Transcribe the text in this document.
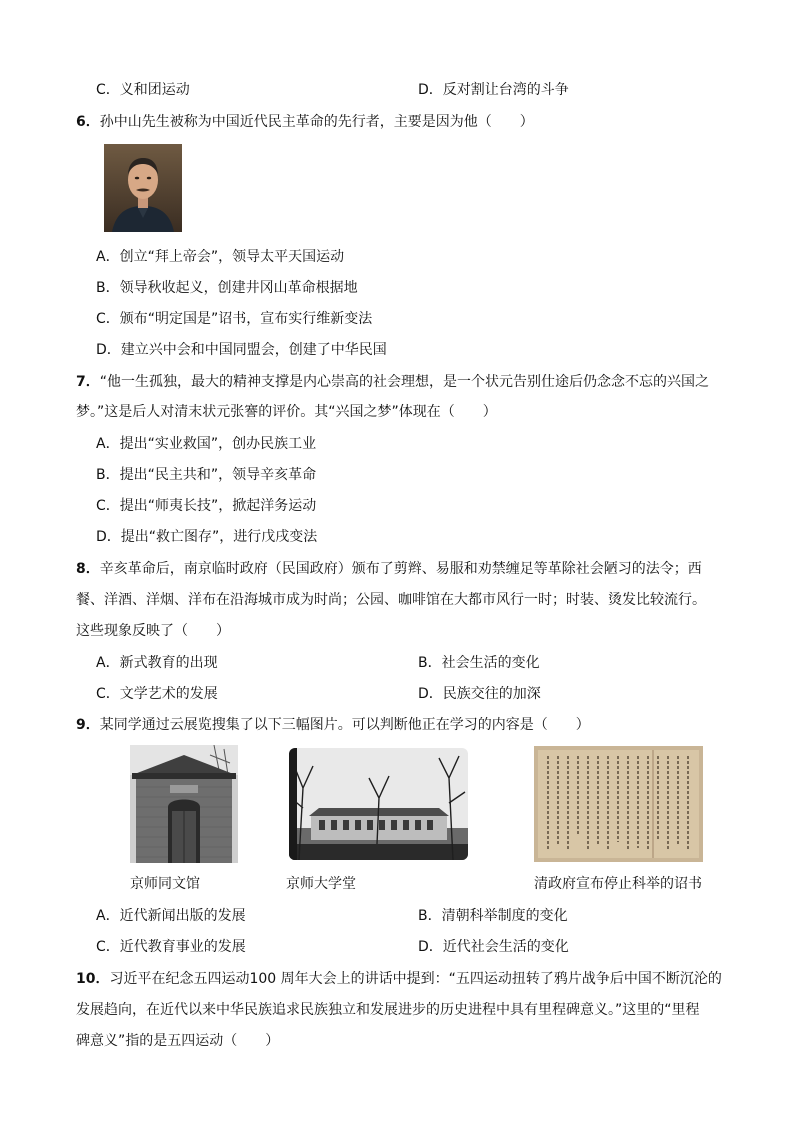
C．义和团运动	D．反对割让台湾的斗争
6．孙中山先生被称为中国近代民主革命的先行者，主要是因为他（　　）
A．创立“拜上帝会”，领导太平天国运动
B．领导秋收起义，创建井冈山革命根据地
C．颁布“明定国是”诏书，宣布实行维新变法
D．建立兴中会和中国同盟会，创建了中华民国
7．“他一生孤独，最大的精神支撑是内心崇高的社会理想，是一个状元告别仕途后仍念念不忘的兴国之
梦。”这是后人对清末状元张謇的评价。其“兴国之梦”体现在（　　）
A．提出“实业救国”，创办民族工业
B．提出“民主共和”，领导辛亥革命
C．提出“师夷长技”，掀起洋务运动
D．提出“救亡图存”，进行戊戌变法
8．辛亥革命后，南京临时政府（民国政府）颁布了剪辫、易服和劝禁缠足等革除社会陋习的法令；西
餐、洋酒、洋烟、洋布在沿海城市成为时尚；公园、咖啡馆在大都市风行一时；时装、烫发比较流行。
这些现象反映了（　　）
A．新式教育的出现	B．社会生活的变化
C．文学艺术的发展	D．民族交往的加深
9．某同学通过云展览搜集了以下三幅图片。可以判断他正在学习的内容是（　　）
京师同文馆	京师大学堂	清政府宣布停止科举的诏书
A．近代新闻出版的发展	B．清朝科举制度的变化
C．近代教育事业的发展	D．近代社会生活的变化
10．习近平在纪念五四运动100 周年大会上的讲话中提到：“五四运动扭转了鸦片战争后中国不断沉沦的
发展趋向，在近代以来中华民族追求民族独立和发展进步的历史进程中具有里程碑意义。”这里的“里程
碑意义”指的是五四运动（　　）
